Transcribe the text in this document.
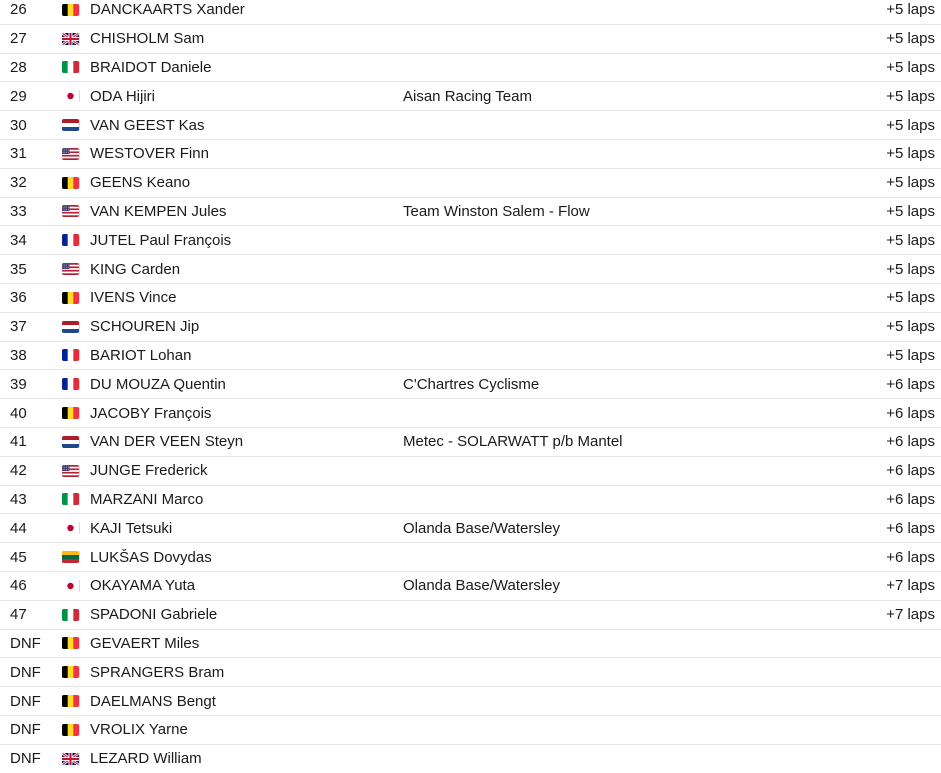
26	DANCKAARTS Xander	+5 laps
27	CHISHOLM Sam	+5 laps
28	BRAIDOT Daniele	+5 laps
29	ODA Hijiri	Aisan Racing Team	+5 laps
30	VAN GEEST Kas	+5 laps
31	WESTOVER Finn	+5 laps
32	GEENS Keano	+5 laps
33	VAN KEMPEN Jules	Team Winston Salem - Flow	+5 laps
34	JUTEL Paul François	+5 laps
35	KING Carden	+5 laps
36	IVENS Vince	+5 laps
37	SCHOUREN Jip	+5 laps
38	BARIOT Lohan	+5 laps
39	DU MOUZA Quentin	C'Chartres Cyclisme	+6 laps
40	JACOBY François	+6 laps
41	VAN DER VEEN Steyn	Metec - SOLARWATT p/b Mantel	+6 laps
42	JUNGE Frederick	+6 laps
43	MARZANI Marco	+6 laps
44	KAJI Tetsuki	Olanda Base/Watersley	+6 laps
45	LUKŠAS Dovydas	+6 laps
46	OKAYAMA Yuta	Olanda Base/Watersley	+7 laps
47	SPADONI Gabriele	+7 laps
DNF	GEVAERT Miles
DNF	SPRANGERS Bram
DNF	DAELMANS Bengt
DNF	VROLIX Yarne
DNF	LEZARD William
